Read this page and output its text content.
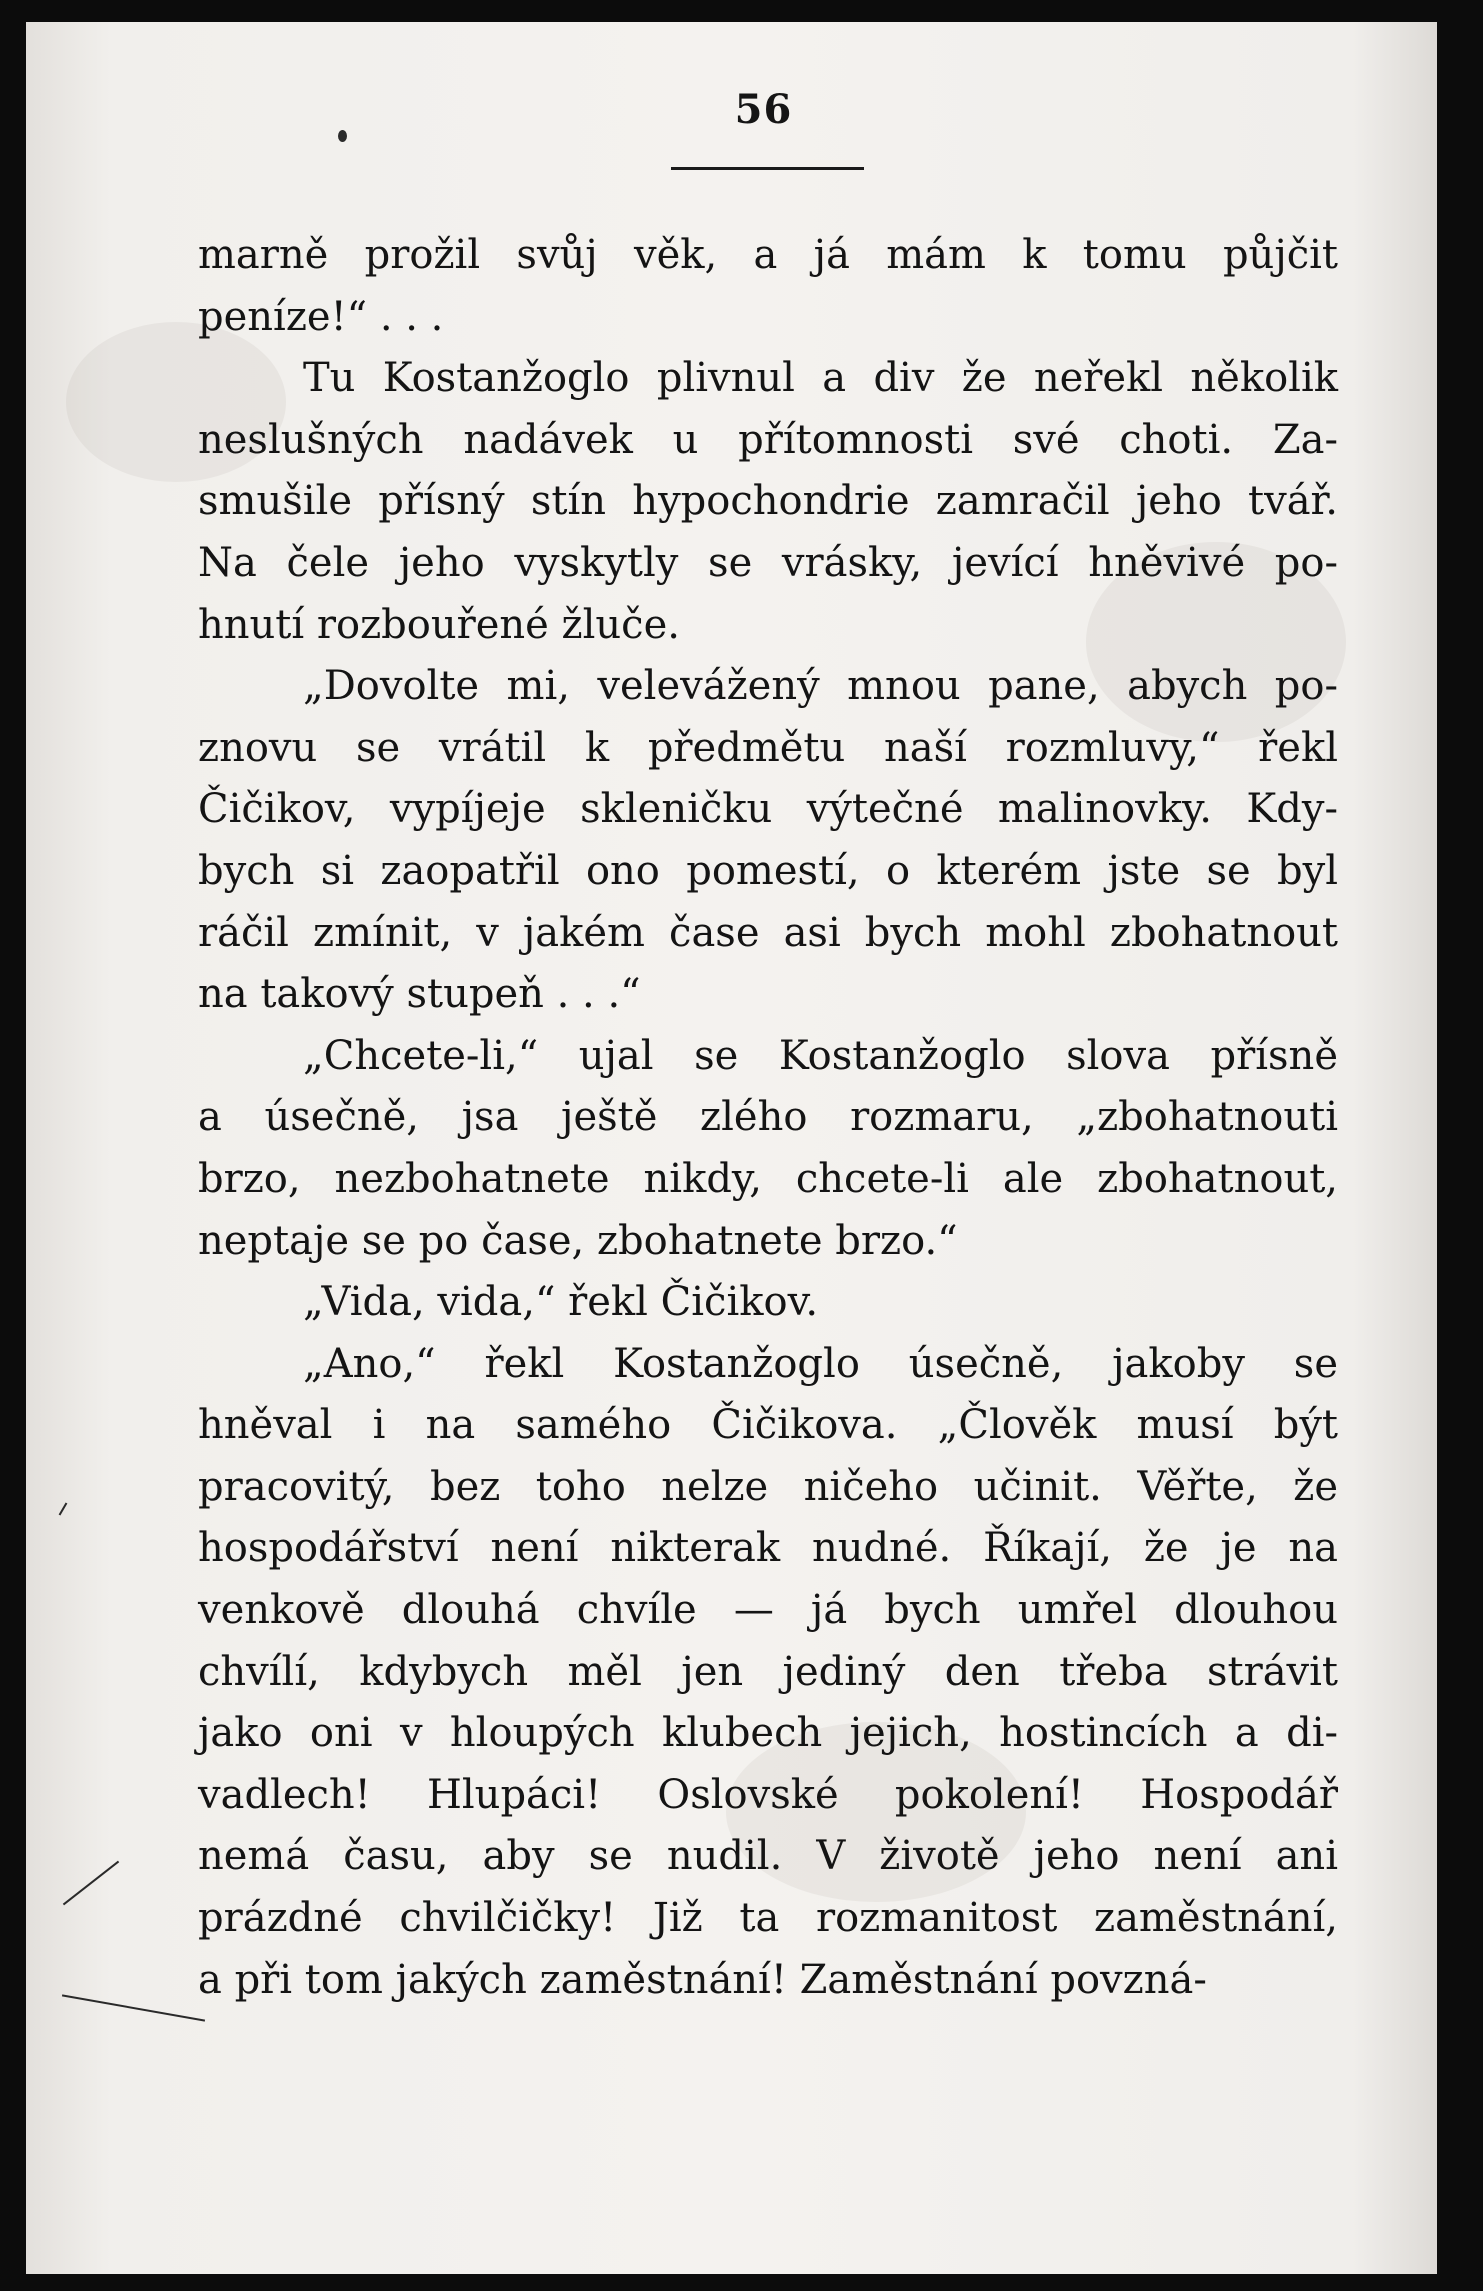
56
marně prožil svůj věk, a já mám k tomu půjčit
peníze!“ . . .
Tu Kostanžoglo plivnul a div že neřekl několik
neslušných nadávek u přítomnosti své choti. Za-
smušile přísný stín hypochondrie zamračil jeho tvář.
Na čele jeho vyskytly se vrásky, jevící hněvivé po-
hnutí rozbouřené žluče.
„Dovolte mi, velevážený mnou pane, abych po-
znovu se vrátil k předmětu naší rozmluvy,“ řekl
Čičikov, vypíjeje skleničku výtečné malinovky. Kdy-
bych si zaopatřil ono pomestí, o kterém jste se byl
ráčil zmínit, v jakém čase asi bych mohl zbohatnout
na takový stupeň . . .“
„Chcete-li,“ ujal se Kostanžoglo slova přísně
a úsečně, jsa ještě zlého rozmaru, „zbohatnouti
brzo, nezbohatnete nikdy, chcete-li ale zbohatnout,
neptaje se po čase, zbohatnete brzo.“
„Vida, vida,“ řekl Čičikov.
„Ano,“ řekl Kostanžoglo úsečně, jakoby se
hněval i na samého Čičikova. „Člověk musí být
pracovitý, bez toho nelze ničeho učinit. Věřte, že
hospodářství není nikterak nudné. Říkají, že je na
venkově dlouhá chvíle — já bych umřel dlouhou
chvílí, kdybych měl jen jediný den třeba strávit
jako oni v hloupých klubech jejich, hostincích a di-
vadlech! Hlupáci! Oslovské pokolení! Hospodář
nemá času, aby se nudil. V životě jeho není ani
prázdné chvilčičky! Již ta rozmanitost zaměstnání,
a při tom jakých zaměstnání! Zaměstnání povzná-
